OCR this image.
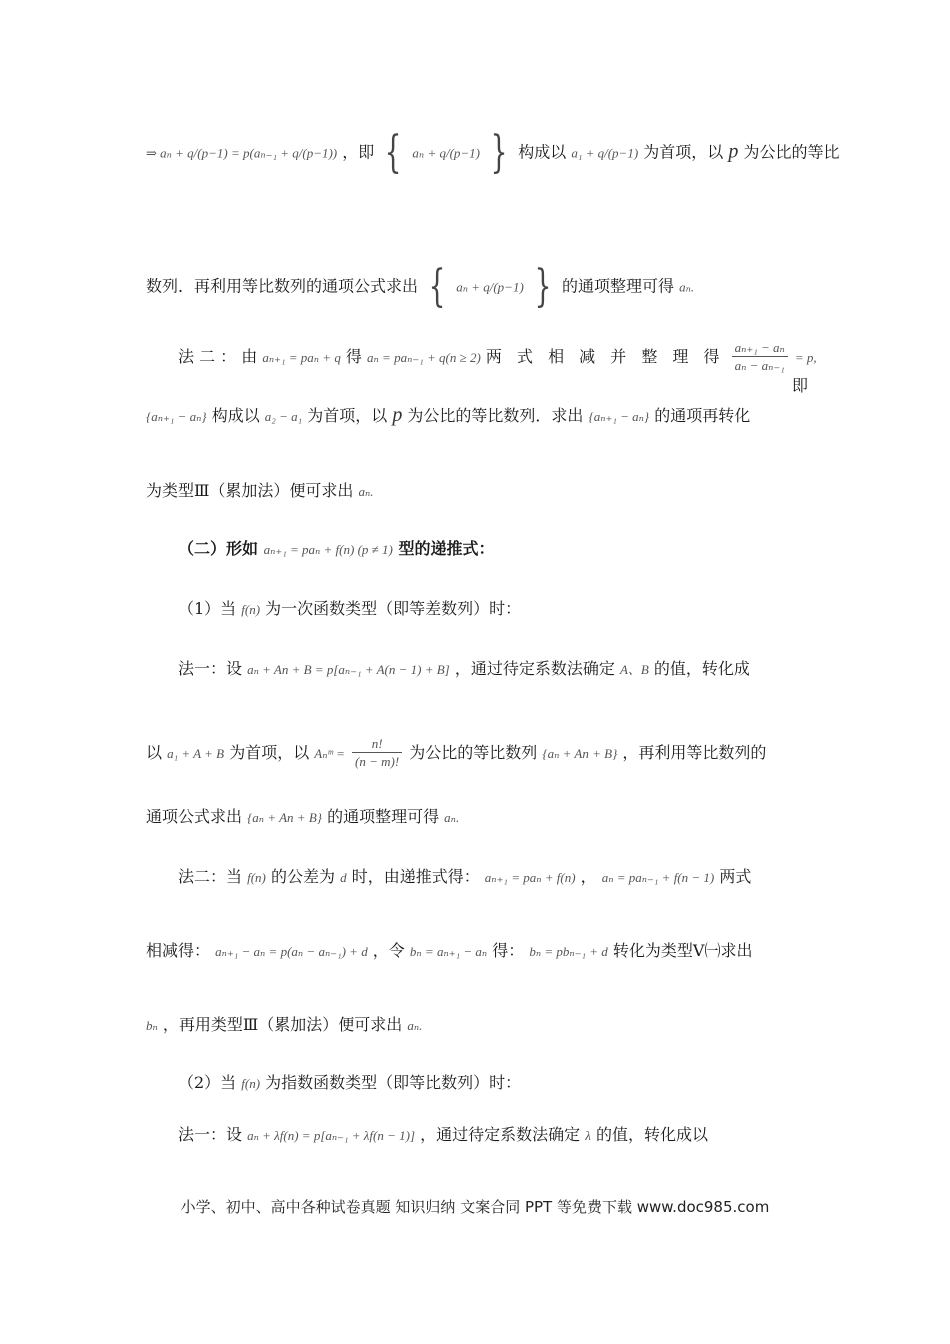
⇒ aₙ + q/(p−1) = p(aₙ₋₁ + q/(p−1)) ，即 { aₙ + q/(p−1) } 构成以 a₁ + q/(p−1) 为首项，以 p 为公比的等比
数列．再利用等比数列的通项公式求出 { aₙ + q/(p−1) } 的通项整理可得 aₙ.
法 二 ： 由 aₙ₊₁ = paₙ + q 得 aₙ = paₙ₋₁ + q(n ≥ 2) 两 式 相 减 并 整 理 得 $\frac{\text{aₙ₊₁ − aₙ}}{\text{aₙ − aₙ₋₁}} = p$,
即
{aₙ₊₁ − aₙ} 构成以 a₂ − a₁ 为首项，以 p 为公比的等比数列．求出 {aₙ₊₁ − aₙ} 的通项再转化
为类型Ⅲ（累加法）便可求出 aₙ.
（二）形如 aₙ₊₁ = paₙ + f(n) (p ≠ 1) 型的递推式：
（1）当 f(n) 为一次函数类型（即等差数列）时：
法一：设 aₙ + An + B = p[aₙ₋₁ + A(n − 1) + B] ，通过待定系数法确定 A、B 的值，转化成
以 a₁ + A + B 为首项，以 Aₙᵐ = $\frac{n!}{(n - m)!}$ 为公比的等比数列 {aₙ + An + B} ，再利用等比数列的
通项公式求出 {aₙ + An + B} 的通项整理可得 aₙ.
法二：当 f(n) 的公差为 d 时，由递推式得： aₙ₊₁ = paₙ + f(n) ， aₙ = paₙ₋₁ + f(n − 1) 两式
相减得： aₙ₊₁ − aₙ = p(aₙ − aₙ₋₁) + d ，令 bₙ = aₙ₊₁ − aₙ 得： bₙ = pbₙ₋₁ + d 转化为类型Ⅴ㈠求出
bₙ ，再用类型Ⅲ（累加法）便可求出 aₙ.
（2）当 f(n) 为指数函数类型（即等比数列）时：
法一：设 aₙ + λf(n) = p[aₙ₋₁ + λf(n − 1)] ，通过待定系数法确定 λ 的值，转化成以
小学、初中、高中各种试卷真题 知识归纳 文案合同 PPT 等免费下载 www.doc985.com
